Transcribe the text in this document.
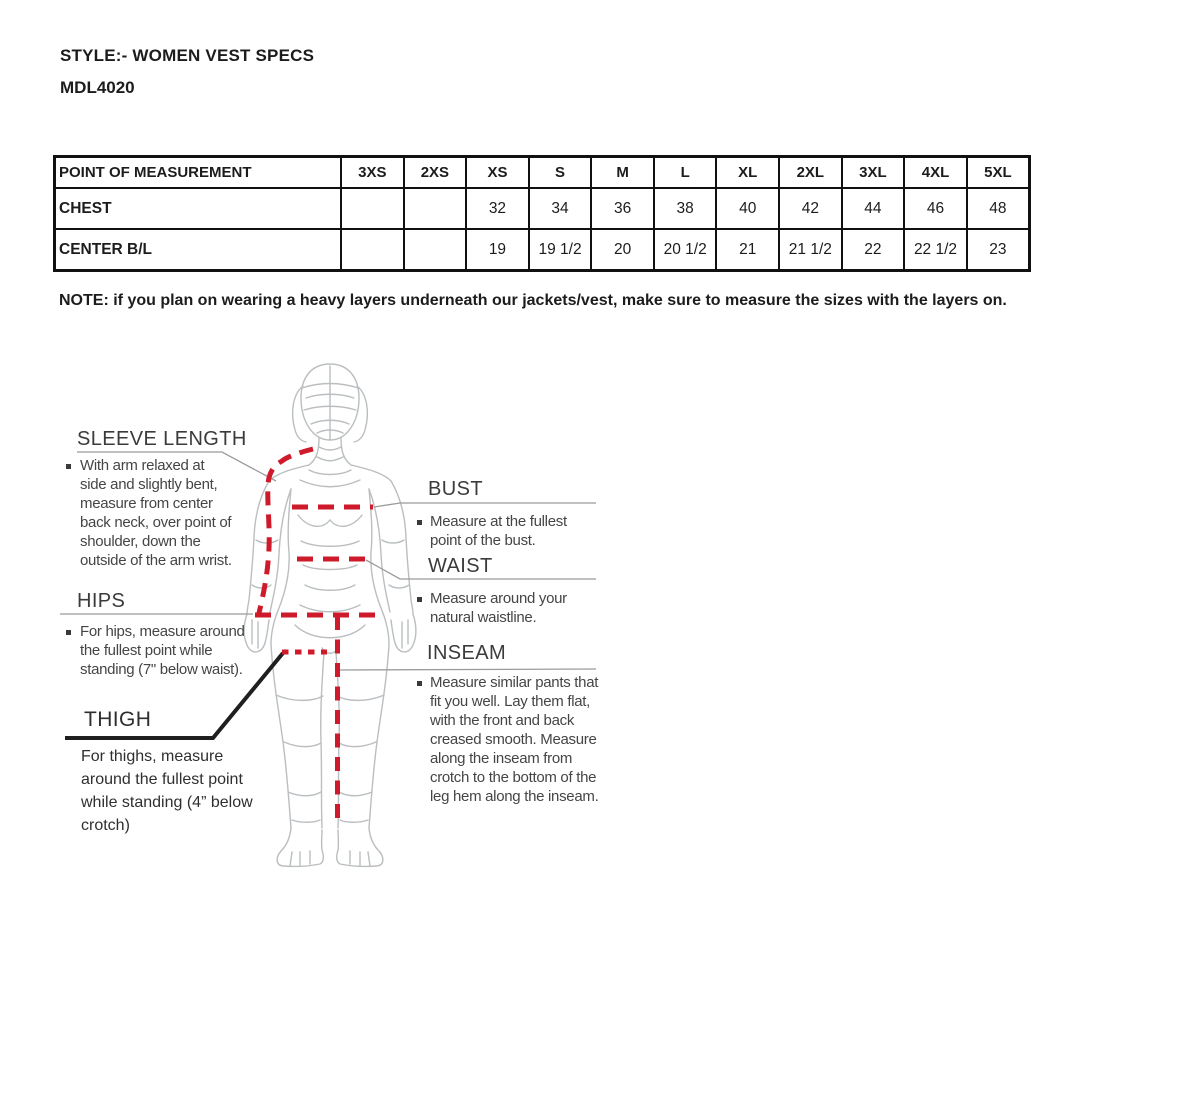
STYLE:- WOMEN VEST SPECS
MDL4020
POINT OF MEASUREMENT	3XS	2XS	XS	S	M	L	XL	2XL	3XL	4XL	5XL
CHEST			32	34	36	38	40	42	44	46	48
CENTER B/L			19	19 1/2	20	20 1/2	21	21 1/2	22	22 1/2	23
NOTE: if you plan on wearing a heavy layers underneath our jackets/vest, make sure to measure the sizes with the layers on.
SLEEVE LENGTH
With arm relaxed at side and slightly bent, measure from center back neck, over point of shoulder, down the outside of the arm wrist.
HIPS
For hips, measure around the fullest point while standing (7" below waist).
THIGH
For thighs, measure around the fullest point while standing (4” below crotch)
BUST
Measure at the fullest point of the bust.
WAIST
Measure around your natural waistline.
INSEAM
Measure similar pants that fit you well. Lay them flat, with the front and back creased smooth. Measure along the inseam from crotch to the bottom of the leg hem along the inseam.
